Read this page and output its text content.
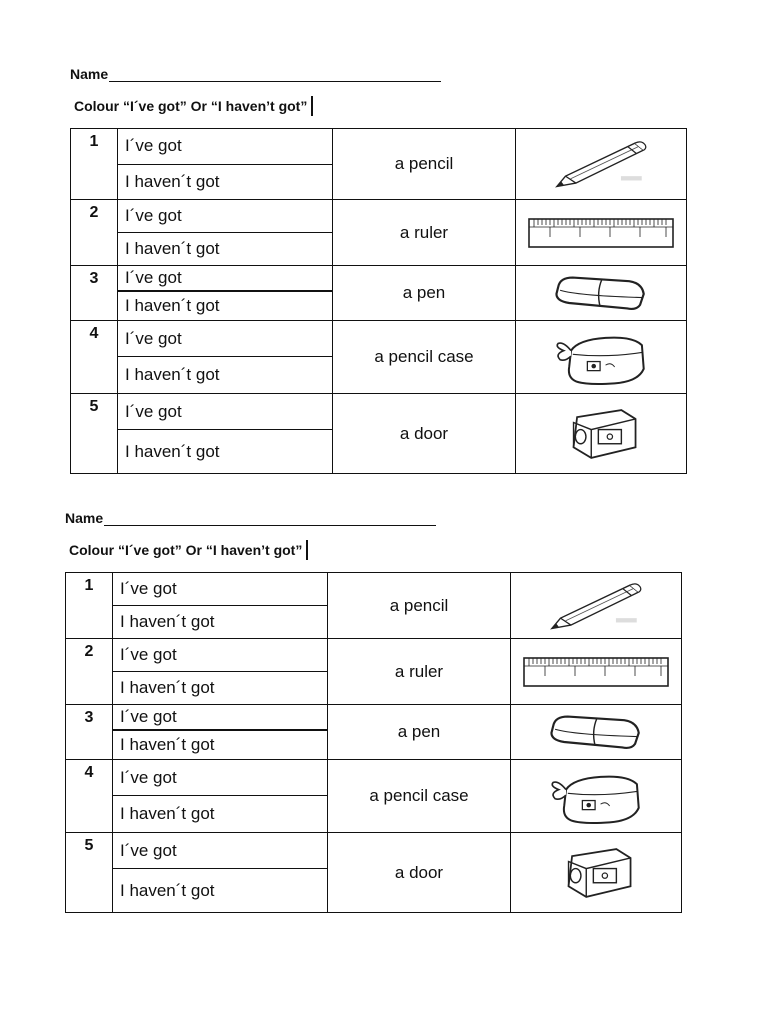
Name
Colour “I´ve got” Or “I haven’t got”
1	I´ve got	a pencil	

	I haven´t got		
2	I´ve got	a ruler	

	I haven´t got		
3	I´ve got	a pen	

	I haven´t got		
4	I´ve got	a pencil case	

	I haven´t got		
5	I´ve got	a door	

	I haven´t got		
Name
Colour “I´ve got” Or “I haven’t got”
1	I´ve got	a pencil	

	I haven´t got		
2	I´ve got	a ruler	

	I haven´t got		
3	I´ve got	a pen	

	I haven´t got		
4	I´ve got	a pencil case	

	I haven´t got		
5	I´ve got	a door	

	I haven´t got		
